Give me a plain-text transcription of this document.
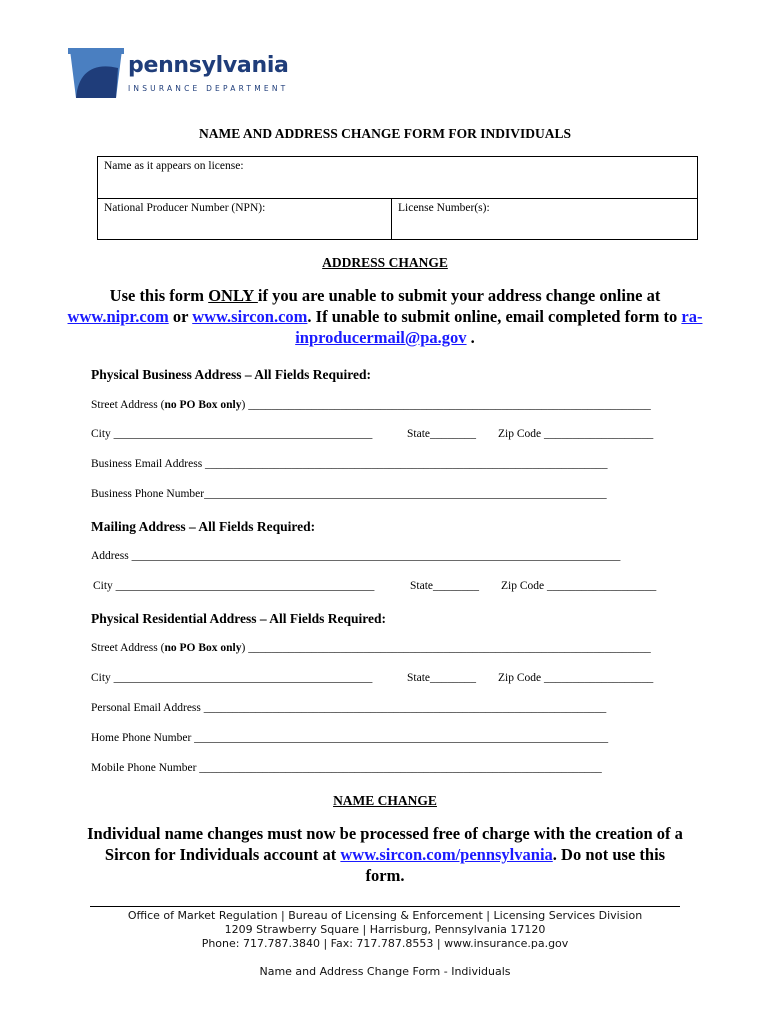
pennsylvania
INSURANCE DEPARTMENT
NAME AND ADDRESS CHANGE FORM FOR INDIVIDUALS
Name as it appears on license:
National Producer Number (NPN):	License Number(s):
ADDRESS CHANGE
Use this form ONLY if you are unable to submit your address change online at www.nipr.com or www.sircon.com. If unable to submit online, email completed form to ra-inproducermail@pa.gov .
Physical Business Address – All Fields Required:
Street Address (no PO Box only) ______________________________________________________________________
City _____________________________________________	State________ Zip Code ___________________
Business Email Address ______________________________________________________________________
Business Phone Number______________________________________________________________________
Mailing Address – All Fields Required:
Address _____________________________________________________________________________________
City _____________________________________________	State________ Zip Code ___________________
Physical Residential Address – All Fields Required:
Street Address (no PO Box only) ______________________________________________________________________
City _____________________________________________	State________ Zip Code ___________________
Personal Email Address ______________________________________________________________________
Home Phone Number ________________________________________________________________________
Mobile Phone Number ______________________________________________________________________
NAME CHANGE
Individual name changes must now be processed free of charge with the creation of a Sircon for Individuals account at www.sircon.com/pennsylvania. Do not use this form.
Office of Market Regulation | Bureau of Licensing & Enforcement | Licensing Services Division
1209 Strawberry Square | Harrisburg, Pennsylvania 17120
Phone: 717.787.3840 | Fax: 717.787.8553 | www.insurance.pa.gov
Name and Address Change Form - Individuals
